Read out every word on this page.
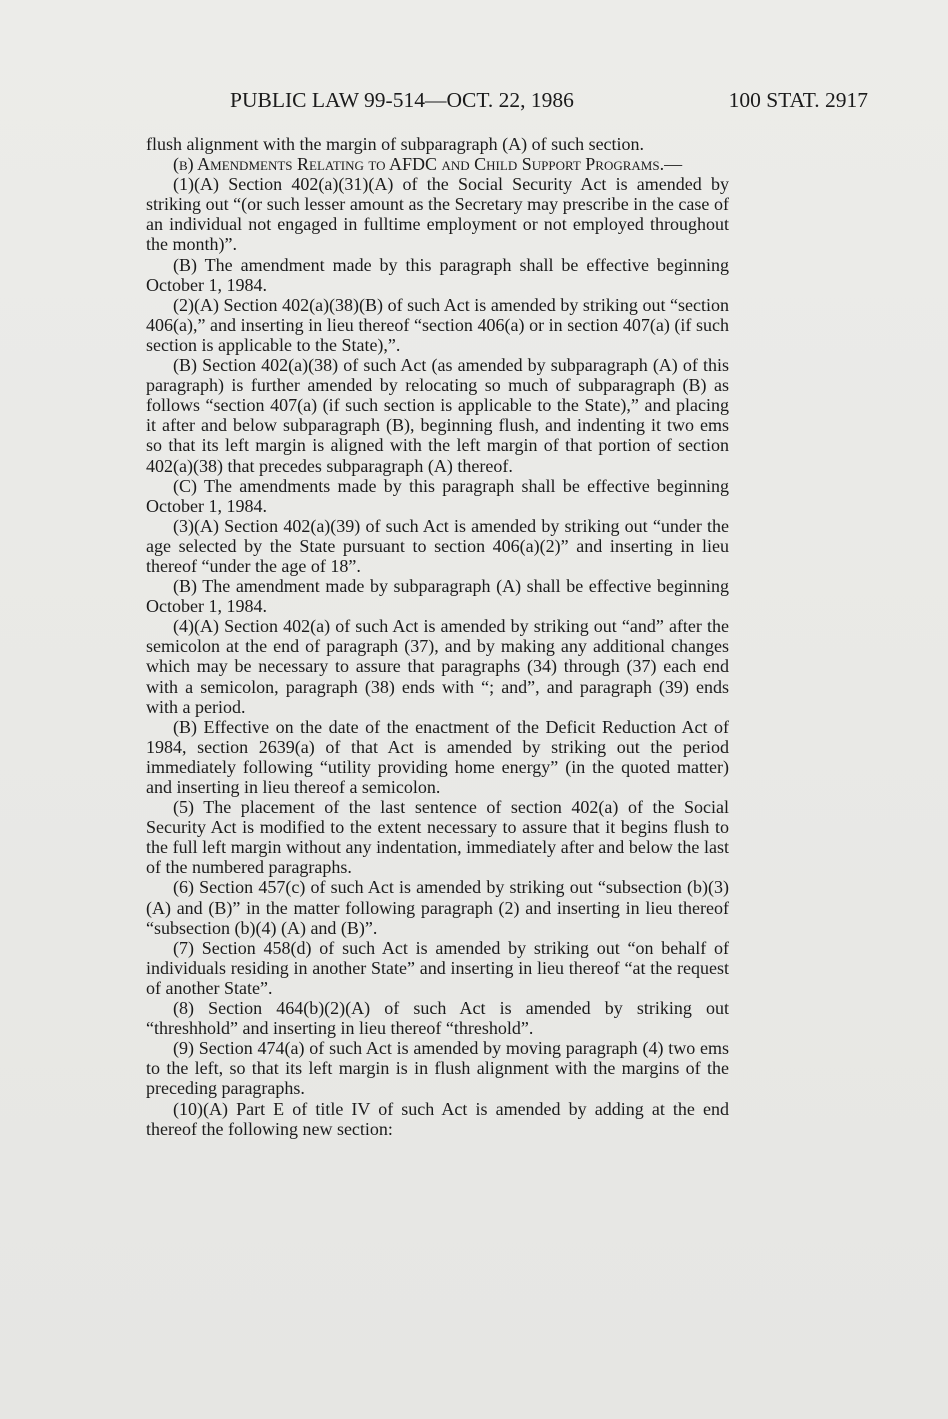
PUBLIC LAW 99-514—OCT. 22, 1986	100 STAT. 2917

flush alignment with the margin of subparagraph (A) of such section.

(b) Amendments Relating to AFDC and Child Support Programs.—

(1)(A) Section 402(a)(31)(A) of the Social Security Act is amended by striking out “(or such lesser amount as the Secretary may prescribe in the case of an individual not engaged in fulltime employment or not employed throughout the month)”.

(B) The amendment made by this paragraph shall be effective beginning October 1, 1984.

(2)(A) Section 402(a)(38)(B) of such Act is amended by striking out “section 406(a),” and inserting in lieu thereof “section 406(a) or in section 407(a) (if such section is applicable to the State),”.

(B) Section 402(a)(38) of such Act (as amended by subparagraph (A) of this paragraph) is further amended by relocating so much of subparagraph (B) as follows “section 407(a) (if such section is applicable to the State),” and placing it after and below subparagraph (B), beginning flush, and indenting it two ems so that its left margin is aligned with the left margin of that portion of section 402(a)(38) that precedes subparagraph (A) thereof.

(C) The amendments made by this paragraph shall be effective beginning October 1, 1984.

(3)(A) Section 402(a)(39) of such Act is amended by striking out “under the age selected by the State pursuant to section 406(a)(2)” and inserting in lieu thereof “under the age of 18”.

(B) The amendment made by subparagraph (A) shall be effective beginning October 1, 1984.

(4)(A) Section 402(a) of such Act is amended by striking out “and” after the semicolon at the end of paragraph (37), and by making any additional changes which may be necessary to assure that paragraphs (34) through (37) each end with a semicolon, paragraph (38) ends with “; and”, and paragraph (39) ends with a period.

(B) Effective on the date of the enactment of the Deficit Reduction Act of 1984, section 2639(a) of that Act is amended by striking out the period immediately following “utility providing home energy” (in the quoted matter) and inserting in lieu thereof a semicolon.

(5) The placement of the last sentence of section 402(a) of the Social Security Act is modified to the extent necessary to assure that it begins flush to the full left margin without any indentation, immediately after and below the last of the numbered paragraphs.

(6) Section 457(c) of such Act is amended by striking out “subsection (b)(3) (A) and (B)” in the matter following paragraph (2) and inserting in lieu thereof “subsection (b)(4) (A) and (B)”.

(7) Section 458(d) of such Act is amended by striking out “on behalf of individuals residing in another State” and inserting in lieu thereof “at the request of another State”.

(8) Section 464(b)(2)(A) of such Act is amended by striking out “threshhold” and inserting in lieu thereof “threshold”.

(9) Section 474(a) of such Act is amended by moving paragraph (4) two ems to the left, so that its left margin is in flush alignment with the margins of the preceding paragraphs.

(10)(A) Part E of title IV of such Act is amended by adding at the end thereof the following new section:
